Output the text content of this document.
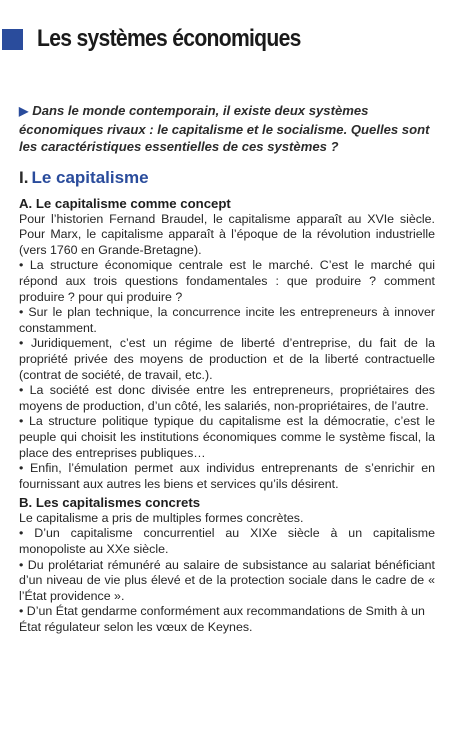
Les systèmes économiques
▶ Dans le monde contemporain, il existe deux systèmes économiques rivaux : le capitalisme et le socialisme. Quelles sont les caractéristiques essentielles de ces systèmes ?
I. Le capitalisme
A. Le capitalisme comme concept
Pour l’historien Fernand Braudel, le capitalisme apparaît au XVIe siècle. Pour Marx, le capitalisme apparaît à l’époque de la révolution industrielle (vers 1760 en Grande-Bretagne).
• La structure économique centrale est le marché. C’est le marché qui répond aux trois questions fondamentales : que produire ? comment produire ? pour qui produire ?
• Sur le plan technique, la concurrence incite les entrepreneurs à innover constamment.
• Juridiquement, c’est un régime de liberté d’entreprise, du fait de la propriété privée des moyens de production et de la liberté contractuelle (contrat de société, de travail, etc.).
• La société est donc divisée entre les entrepreneurs, propriétaires des moyens de production, d’un côté, les salariés, non-propriétaires, de l’autre.
• La structure politique typique du capitalisme est la démocratie, c’est le peuple qui choisit les institutions économiques comme le système fiscal, la place des entreprises publiques…
• Enfin, l’émulation permet aux individus entreprenants de s’enrichir en fournissant aux autres les biens et services qu’ils désirent.
B. Les capitalismes concrets
Le capitalisme a pris de multiples formes concrètes.
• D’un capitalisme concurrentiel au XIXe siècle à un capitalisme monopoliste au XXe siècle.
• Du prolétariat rémunéré au salaire de subsistance au salariat bénéficiant d’un niveau de vie plus élevé et de la protection sociale dans le cadre de « l’État providence ».
• D’un État gendarme conformément aux recommandations de Smith à un État régulateur selon les vœux de Keynes.
